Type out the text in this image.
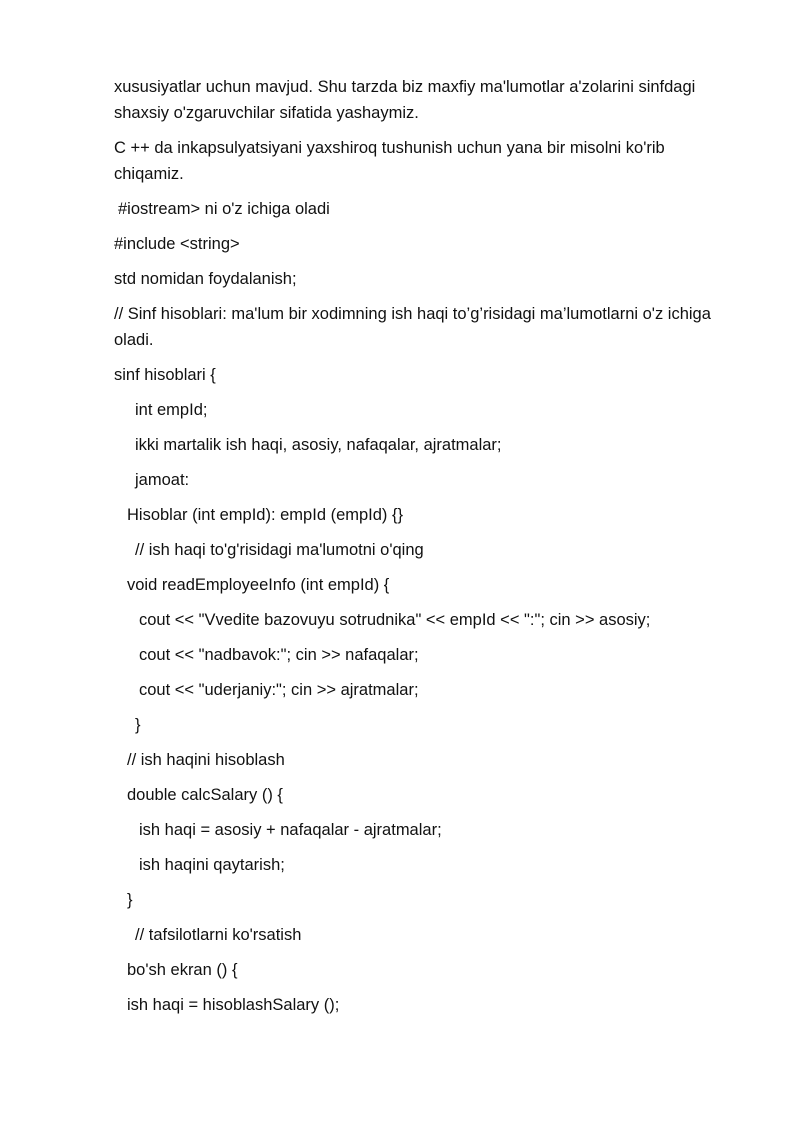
xususiyatlar uchun mavjud. Shu tarzda biz maxfiy ma'lumotlar a'zolarini sinfdagi shaxsiy o'zgaruvchilar sifatida yashaymiz.

C ++ da inkapsulyatsiyani yaxshiroq tushunish uchun yana bir misolni ko'rib chiqamiz.

#iostream> ni o'z ichiga oladi

#include <string>

std nomidan foydalanish;

// Sinf hisoblari: ma'lum bir xodimning ish haqi to’g’risidagi ma’lumotlarni o'z ichiga oladi.

sinf hisoblari {

int empId;

ikki martalik ish haqi, asosiy, nafaqalar, ajratmalar;

jamoat:

Hisoblar (int empId): empId (empId) {}

// ish haqi to'g'risidagi ma'lumotni o'qing

void readEmployeeInfo (int empId) {

cout << "Vvedite bazovuyu sotrudnika" << empId << ":"; cin >> asosiy;

cout << "nadbavok:"; cin >> nafaqalar;

cout << "uderjaniy:"; cin >> ajratmalar;

}

// ish haqini hisoblash

double calcSalary () {

ish haqi = asosiy + nafaqalar - ajratmalar;

ish haqini qaytarish;

}

// tafsilotlarni ko'rsatish

bo'sh ekran () {

ish haqi = hisoblashSalary ();
